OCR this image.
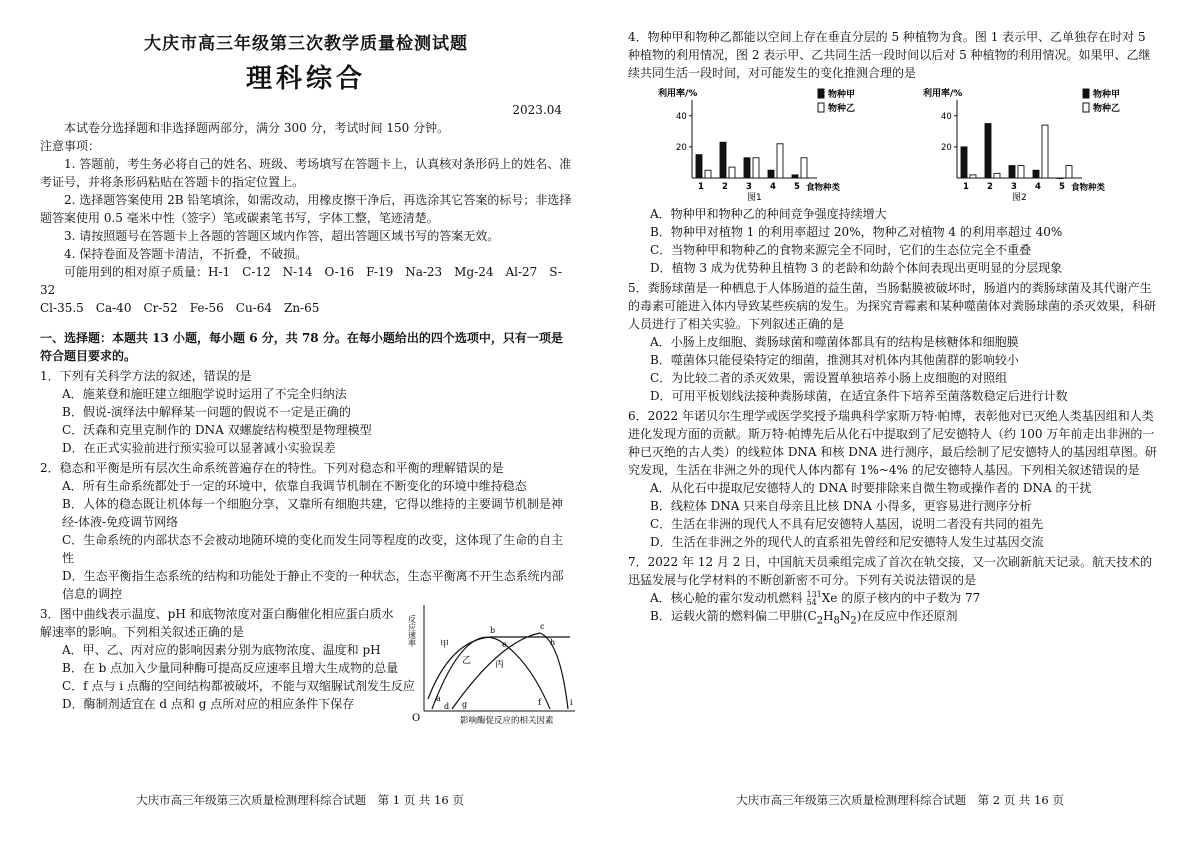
大庆市高三年级第三次教学质量检测试题

理科综合

2023.04

本试卷分选择题和非选择题两部分，满分 300 分，考试时间 150 分钟。

注意事项：

1. 答题前，考生务必将自己的姓名、班级、考场填写在答题卡上，认真核对条形码上的姓名、准考证号，并将条形码粘贴在答题卡的指定位置上。

2. 选择题答案使用 2B 铅笔填涂，如需改动，用橡皮擦干净后，再选涂其它答案的标号；非选择题答案使用 0.5 毫米中性（签字）笔或碳素笔书写，字体工整，笔迹清楚。

3. 请按照题号在答题卡上各题的答题区域内作答，超出答题区域书写的答案无效。

4. 保持卷面及答题卡清洁，不折叠，不破损。

可能用到的相对原子质量：H-1　C-12　N-14　O-16　F-19　Na-23　Mg-24　Al-27　S-32

Cl-35.5　Ca-40　Cr-52　Fe-56　Cu-64　Zn-65

一、选择题：本题共 13 小题，每小题 6 分，共 78 分。在每小题给出的四个选项中，只有一项是符合题目要求的。

1．下列有关科学方法的叙述，错误的是

A．施莱登和施旺建立细胞学说时运用了不完全归纳法

B．假说-演绎法中解释某一问题的假说不一定是正确的

C．沃森和克里克制作的 DNA 双螺旋结构模型是物理模型

D．在正式实验前进行预实验可以显著减小实验误差

2．稳态和平衡是所有层次生命系统普遍存在的特性。下列对稳态和平衡的理解错误的是

A．所有生命系统都处于一定的环境中，依靠自我调节机制在不断变化的环境中维持稳态

B．人体的稳态既让机体每一个细胞分享，又靠所有细胞共建，它得以维持的主要调节机制是神经-体液-免疫调节网络

C．生命系统的内部状态不会被动地随环境的变化而发生同等程度的改变，这体现了生命的自主性

D．生态平衡指生态系统的结构和功能处于静止不变的一种状态，生态平衡离不开生态系统内部信息的调控

3．图中曲线表示温度、pH 和底物浓度对蛋白酶催化相应蛋白质水解速率的影响。下列相关叙述正确的是

A．甲、乙、丙对应的影响因素分别为底物浓度、温度和 pH

B．在 b 点加入少量同种酶可提高反应速率且增大生成物的总量

C．f 点与 i 点酶的空间结构都被破坏，不能与双缩脲试剂发生反应

D．酶制剂适宜在 d 点和 g 点所对应的相应条件下保存

O
反应速率
影响酶促反应的相关因素
甲
乙	丙
a
b	c
d
e
f
g
h
i
大庆市高三年级第三次质量检测理科综合试题　第 1 页 共 16 页

4．物种甲和物种乙都能以空间上存在垂直分层的 5 种植物为食。图 1 表示甲、乙单独存在时对 5 种植物的利用情况，图 2 表示甲、乙共同生活一段时间以后对 5 种植物的利用情况。如果甲、乙继续共同生活一段时间，对可能发生的变化推测合理的是

利用率/%
20
40
1 2 3 4 5 食物种类
图1
物种甲
物种乙
利用率/%
20
40
1 2 3 4 5 食物种类
图2
物种甲
物种乙

A．物种甲和物种乙的种间竞争强度持续增大

B．物种甲对植物 1 的利用率超过 20%，物种乙对植物 4 的利用率超过 40%

C．当物种甲和物种乙的食物来源完全不同时，它们的生态位完全不重叠

D．植物 3 成为优势种且植物 3 的老龄和幼龄个体间表现出更明显的分层现象

5．粪肠球菌是一种栖息于人体肠道的益生菌，当肠黏膜被破坏时，肠道内的粪肠球菌及其代谢产生的毒素可能进入体内导致某些疾病的发生。为探究青霉素和某种噬菌体对粪肠球菌的杀灭效果，科研人员进行了相关实验。下列叙述正确的是

A．小肠上皮细胞、粪肠球菌和噬菌体都具有的结构是核糖体和细胞膜

B．噬菌体只能侵染特定的细菌，推测其对机体内其他菌群的影响较小

C．为比较二者的杀灭效果，需设置单独培养小肠上皮细胞的对照组

D．可用平板划线法接种粪肠球菌，在适宜条件下培养至菌落数稳定后进行计数

6．2022 年诺贝尔生理学或医学奖授予瑞典科学家斯万特·帕博，表彰他对已灭绝人类基因组和人类进化发现方面的贡献。斯万特·帕博先后从化石中提取到了尼安德特人（约 100 万年前走出非洲的一种已灭绝的古人类）的线粒体 DNA 和核 DNA 进行测序，最后绘制了尼安德特人的基因组草图。研究发现，生活在非洲之外的现代人体内都有 1%~4% 的尼安德特人基因。下列相关叙述错误的是

A．从化石中提取尼安德特人的 DNA 时要排除来自微生物或操作者的 DNA 的干扰

B．线粒体 DNA 只来自母亲且比核 DNA 小得多，更容易进行测序分析

C．生活在非洲的现代人不具有尼安德特人基因，说明二者没有共同的祖先

D．生活在非洲之外的现代人的直系祖先曾经和尼安德特人发生过基因交流

7．2022 年 12 月 2 日，中国航天员乘组完成了首次在轨交接，又一次刷新航天记录。航天技术的迅猛发展与化学材料的不断创新密不可分。下列有关说法错误的是

A．核心舱的霍尔发动机燃料 131
54 Xe 的原子核内的中子数为 77

B．运载火箭的燃料偏二甲肼$(C_2H_8N_2)$在反应中作还原剂

大庆市高三年级第三次质量检测理科综合试题　第 2 页 共 16 页
